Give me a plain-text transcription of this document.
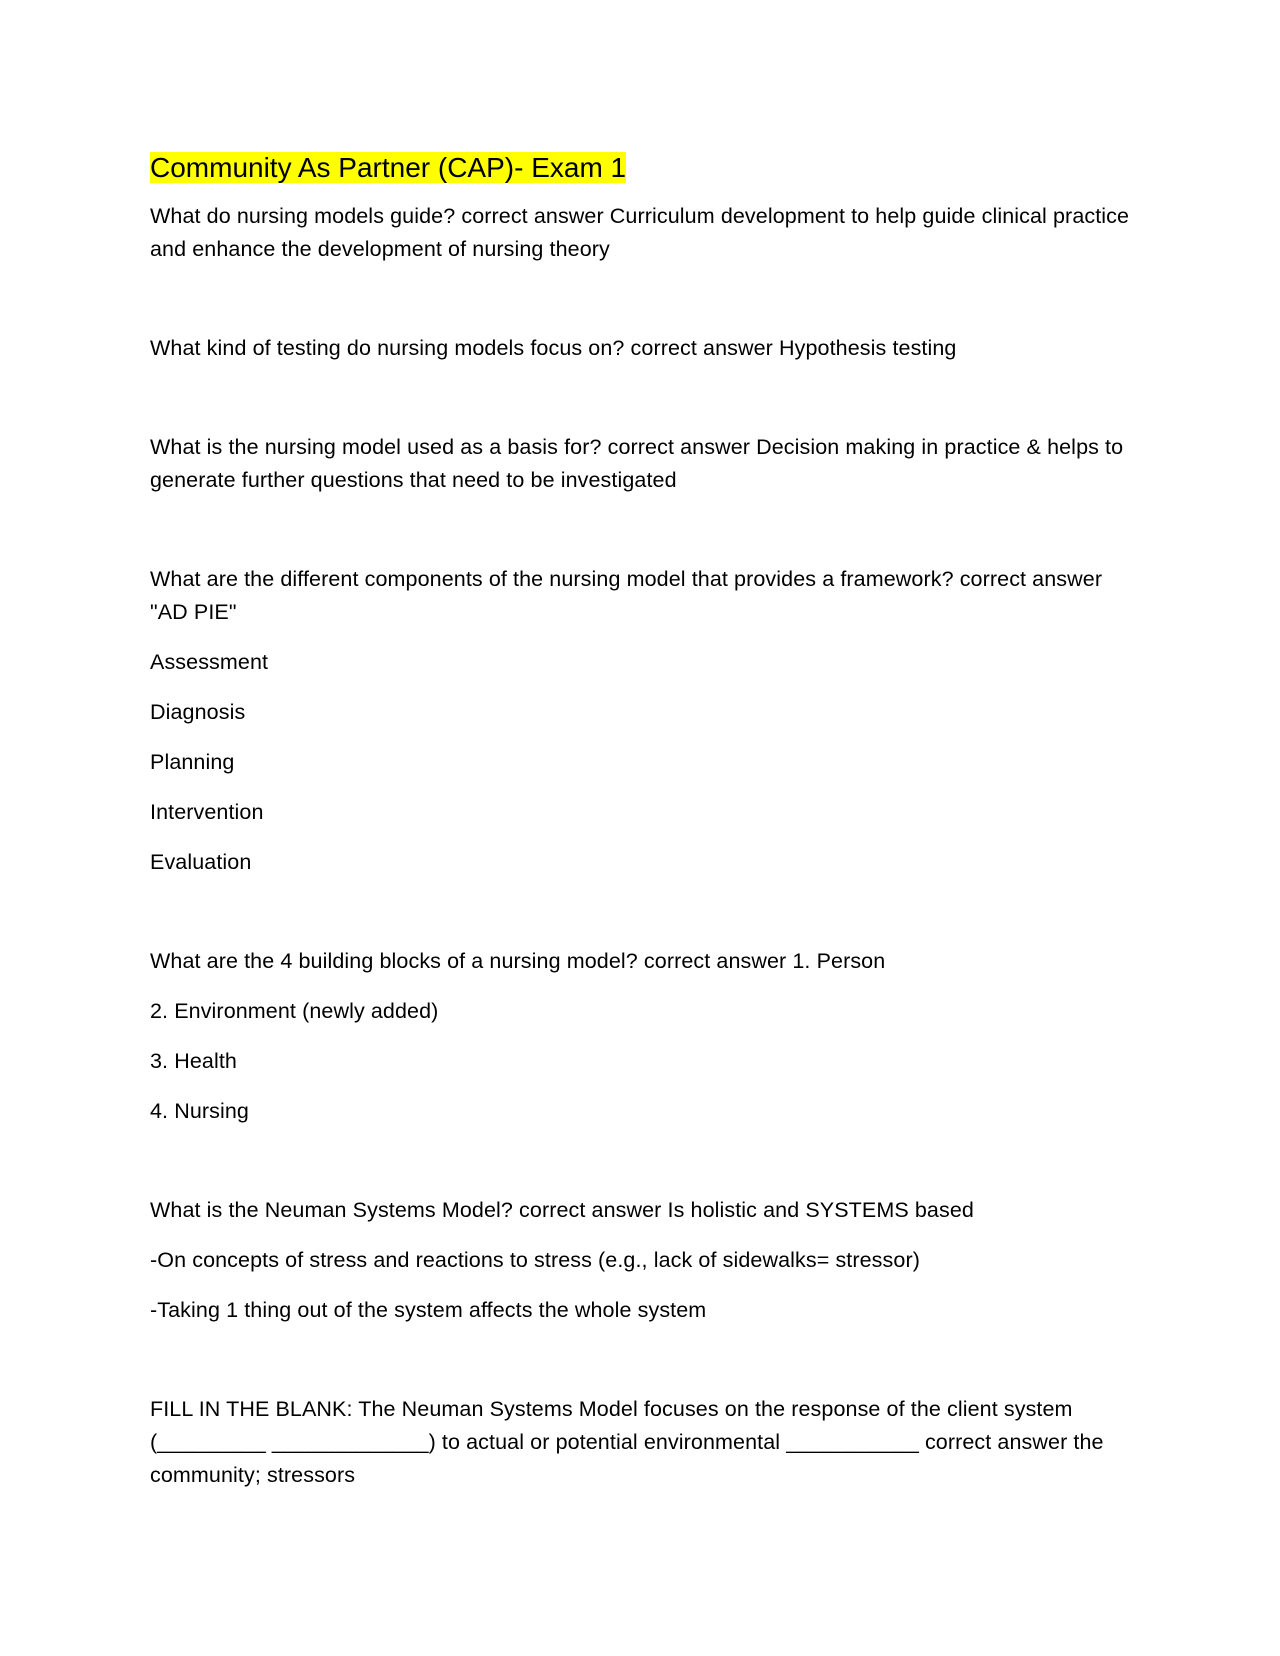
Community As Partner (CAP)- Exam 1

What do nursing models guide? correct answer Curriculum development to help guide clinical practice and enhance the development of nursing theory

What kind of testing do nursing models focus on? correct answer Hypothesis testing

What is the nursing model used as a basis for? correct answer Decision making in practice & helps to generate further questions that need to be investigated

What are the different components of the nursing model that provides a framework? correct answer "AD PIE"

Assessment

Diagnosis

Planning

Intervention

Evaluation

What are the 4 building blocks of a nursing model? correct answer 1. Person

2. Environment (newly added)

3. Health

4. Nursing

What is the Neuman Systems Model? correct answer Is holistic and SYSTEMS based

-On concepts of stress and reactions to stress (e.g., lack of sidewalks= stressor)

-Taking 1 thing out of the system affects the whole system

FILL IN THE BLANK: The Neuman Systems Model focuses on the response of the client system (_________ _____________) to actual or potential environmental ___________ correct answer the community; stressors
